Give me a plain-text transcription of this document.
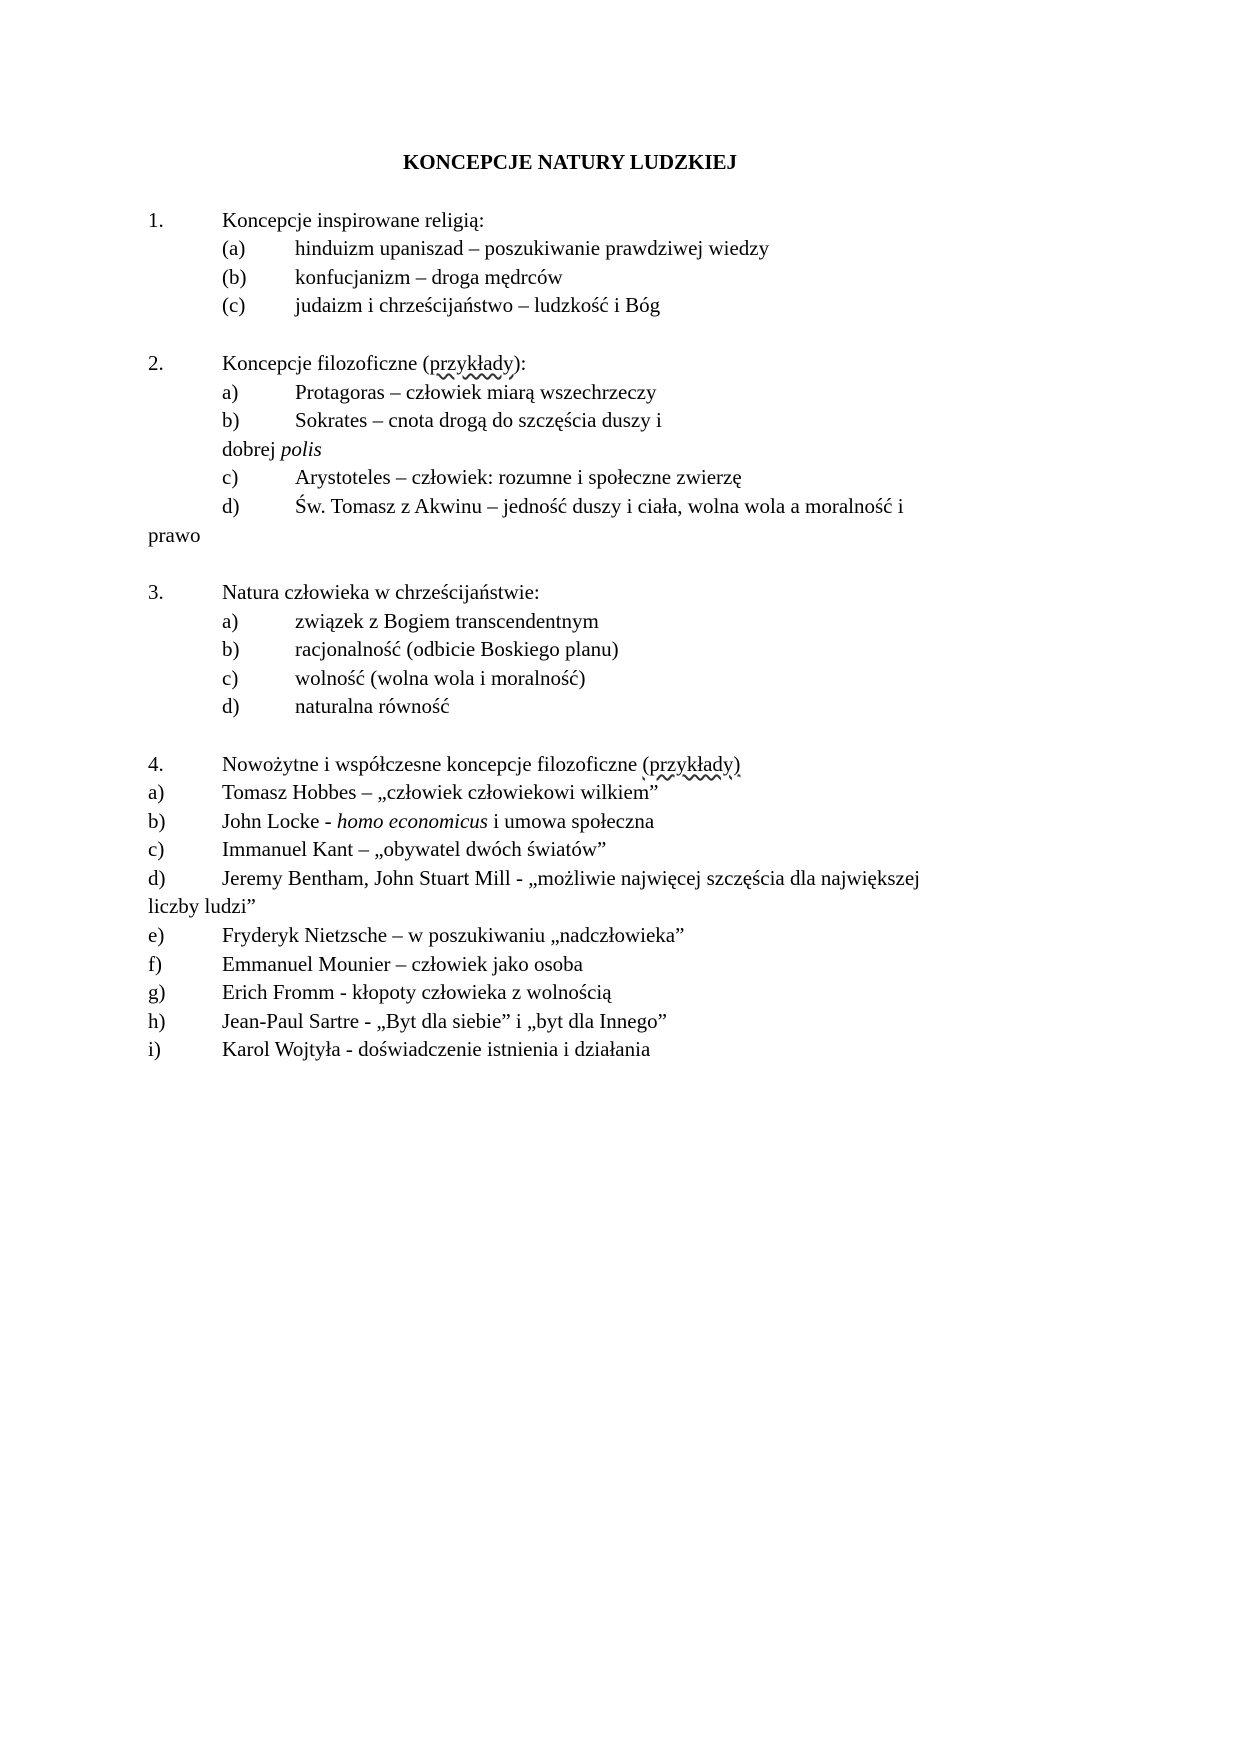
KONCEPCJE NATURY LUDZKIEJ
1.	Koncepcje inspirowane religią:
(a) hinduizm upaniszad – poszukiwanie prawdziwej wiedzy
(b) konfucjanizm – droga mędrców
(c) judaizm i chrześcijaństwo – ludzkość i Bóg
2.	Koncepcje filozoficzne (przykłady):
a)	Protagoras – człowiek miarą wszechrzeczy
b)	Sokrates – cnota drogą do szczęścia duszy i
dobrej polis
c)	Arystoteles – człowiek: rozumne i społeczne zwierzę
d)	Św. Tomasz z Akwinu – jedność duszy i ciała, wolna wola a moralność i
prawo
3.	Natura człowieka w chrześcijaństwie:
a)	związek z Bogiem transcendentnym
b)	racjonalność (odbicie Boskiego planu)
c)	wolność (wolna wola i moralność)
d)	naturalna równość
4.	Nowożytne i współczesne koncepcje filozoficzne (przykłady)
a)	Tomasz Hobbes – „człowiek człowiekowi wilkiem”
b)	John Locke - homo economicus i umowa społeczna
c)	Immanuel Kant – „obywatel dwóch światów”
d)	Jeremy Bentham, John Stuart Mill - „możliwie najwięcej szczęścia dla największej
liczby ludzi”
e)	Fryderyk Nietzsche – w poszukiwaniu „nadczłowieka”
f)	Emmanuel Mounier – człowiek jako osoba
g)	Erich Fromm - kłopoty człowieka z wolnością
h)	Jean-Paul Sartre - „Byt dla siebie” i „byt dla Innego”
i)	Karol Wojtyła - doświadczenie istnienia i działania
